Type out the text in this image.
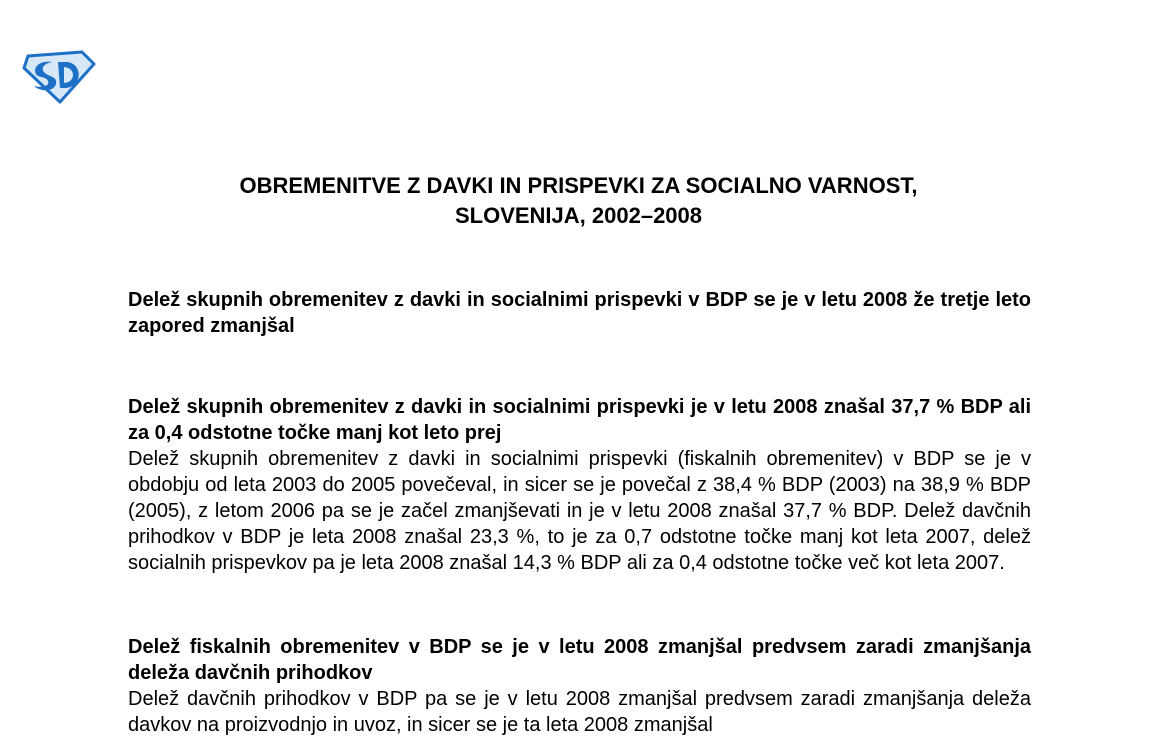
OBREMENITVE Z DAVKI IN PRISPEVKI ZA SOCIALNO VARNOST,
SLOVENIJA, 2002–2008

Delež skupnih obremenitev z davki in socialnimi prispevki v BDP se je v letu 2008 že tretje leto zapored zmanjšal

Delež skupnih obremenitev z davki in socialnimi prispevki je v letu 2008 znašal 37,7 % BDP ali za 0,4 odstotne točke manj kot leto prej

Delež skupnih obremenitev z davki in socialnimi prispevki (fiskalnih obremenitev) v BDP se je v obdobju od leta 2003 do 2005 povečeval, in sicer se je povečal z 38,4 % BDP (2003) na 38,9 % BDP (2005), z letom 2006 pa se je začel zmanjševati in je v letu 2008 znašal 37,7 % BDP. Delež davčnih prihodkov v BDP je leta 2008 znašal 23,3 %, to je za 0,7 odstotne točke manj kot leta 2007, delež socialnih prispevkov pa je leta 2008 znašal 14,3 % BDP ali za 0,4 odstotne točke več kot leta 2007.

Delež fiskalnih obremenitev v BDP se je v letu 2008 zmanjšal predvsem zaradi zmanjšanja deleža davčnih prihodkov

Delež davčnih prihodkov v BDP pa se je v letu 2008 zmanjšal predvsem zaradi zmanjšanja deleža davkov na proizvodnjo in uvoz, in sicer se je ta leta 2008 zmanjšal
